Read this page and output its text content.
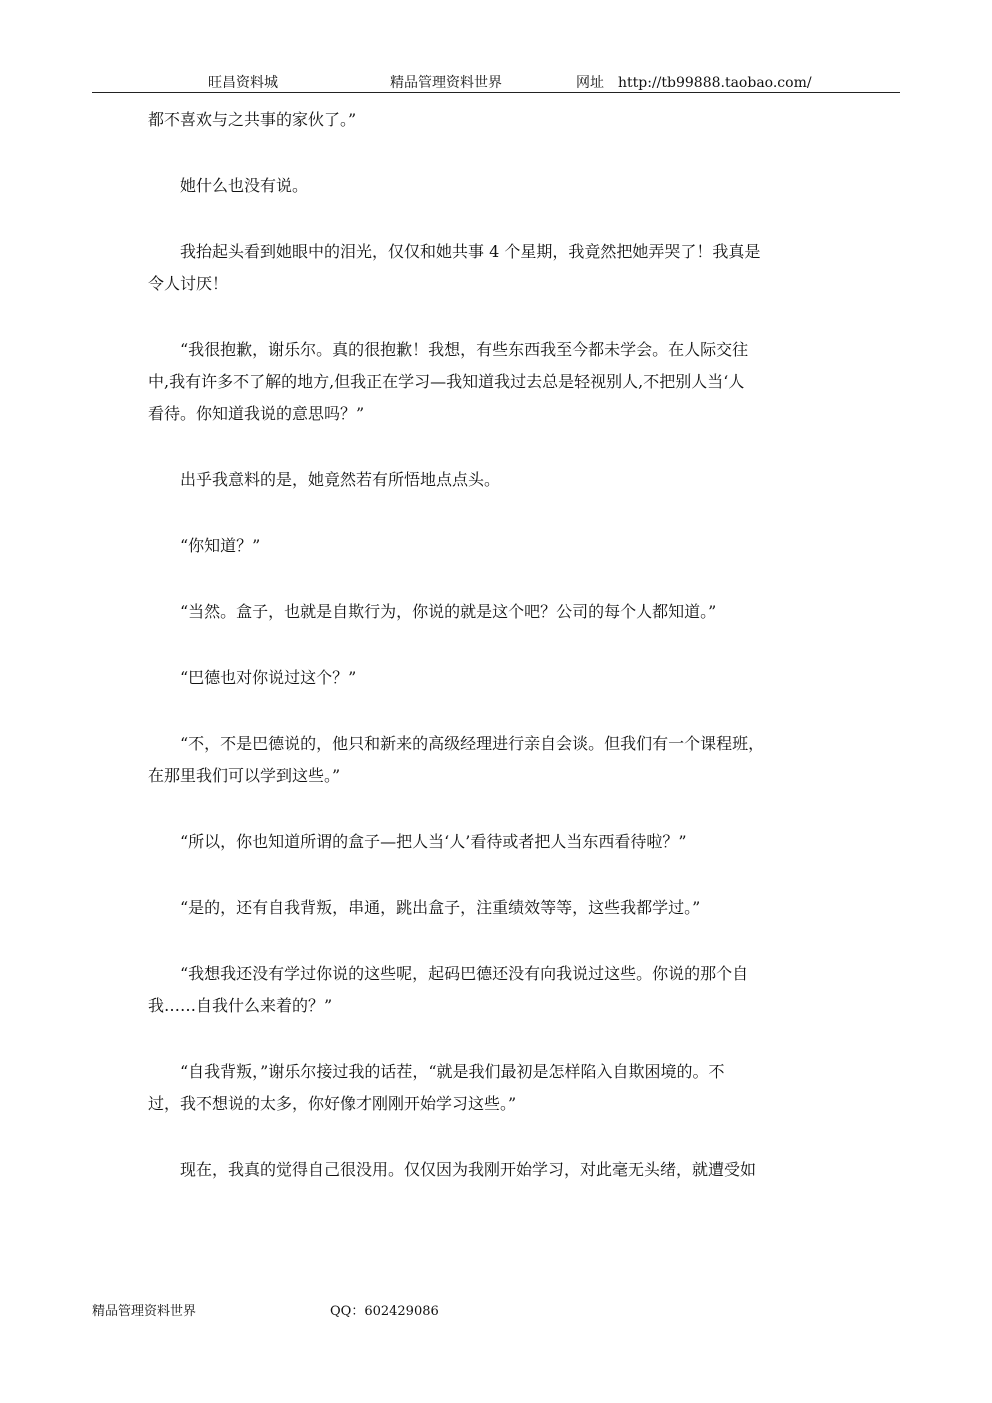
旺昌资料城	精品管理资料世界	网址 http://tb99888.taobao.com/
都不喜欢与之共事的家伙了。”
　　她什么也没有说。
　　我抬起头看到她眼中的泪光，仅仅和她共事 4 个星期，我竟然把她弄哭了！我真是
令人讨厌！
　　“我很抱歉，谢乐尔。真的很抱歉！我想，有些东西我至今都未学会。在人际交往
中,我有许多不了解的地方,但我正在学习—我知道我过去总是轻视别人,不把别人当‘人
看待。你知道我说的意思吗？”
　　出乎我意料的是，她竟然若有所悟地点点头。
　　“你知道？”
　　“当然。盒子，也就是自欺行为，你说的就是这个吧？公司的每个人都知道。”
　　“巴德也对你说过这个？”
　　“不，不是巴德说的，他只和新来的高级经理进行亲自会谈。但我们有一个课程班，
在那里我们可以学到这些。”
　　“所以，你也知道所谓的盒子—把人当‘人’看待或者把人当东西看待啦？”
　　“是的，还有自我背叛，串通，跳出盒子，注重绩效等等，这些我都学过。”
　　“我想我还没有学过你说的这些呢，起码巴德还没有向我说过这些。你说的那个自
我……自我什么来着的？”
　　“自我背叛，”谢乐尔接过我的话茬，“就是我们最初是怎样陷入自欺困境的。不
过，我不想说的太多，你好像才刚刚开始学习这些。”
　　现在，我真的觉得自己很没用。仅仅因为我刚开始学习，对此毫无头绪，就遭受如
精品管理资料世界	QQ：602429086
